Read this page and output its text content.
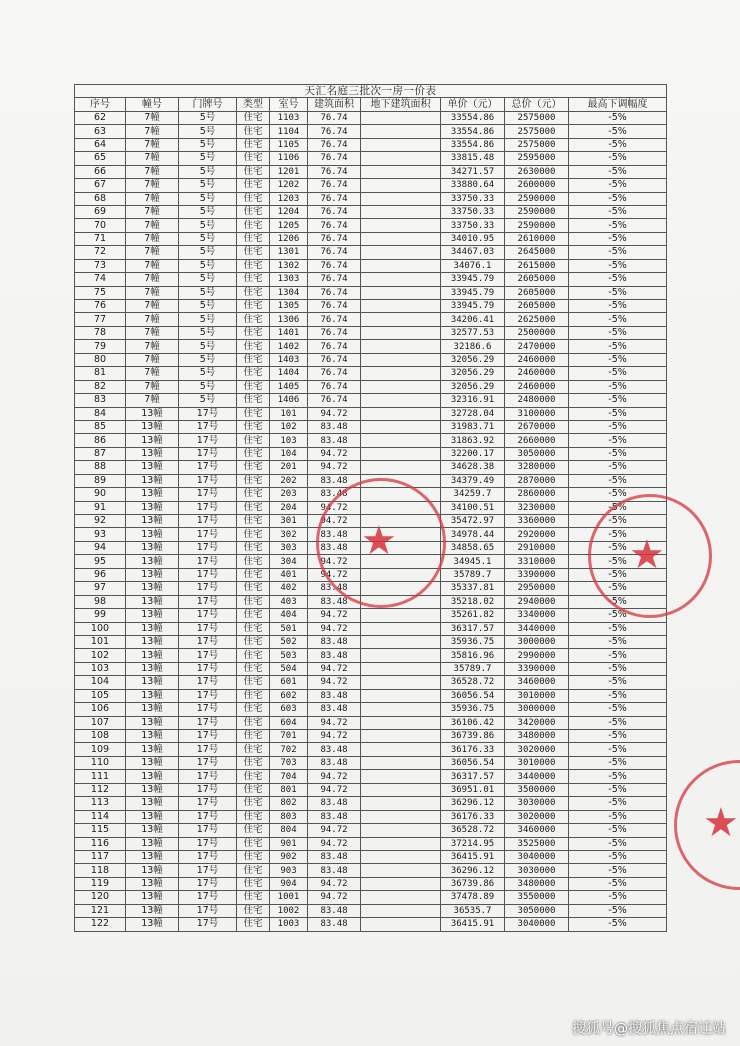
天汇名庭三批次一房一价表									
序号	幢号	门牌号	类型	室号	建筑面积	地下建筑面积	单价（元）	总价（元）	最高下调幅度
62	7幢	5号	住宅	1103	76.74		33554.86	2575000	-5%
63	7幢	5号	住宅	1104	76.74		33554.86	2575000	-5%
64	7幢	5号	住宅	1105	76.74		33554.86	2575000	-5%
65	7幢	5号	住宅	1106	76.74		33815.48	2595000	-5%
66	7幢	5号	住宅	1201	76.74		34271.57	2630000	-5%
67	7幢	5号	住宅	1202	76.74		33880.64	2600000	-5%
68	7幢	5号	住宅	1203	76.74		33750.33	2590000	-5%
69	7幢	5号	住宅	1204	76.74		33750.33	2590000	-5%
70	7幢	5号	住宅	1205	76.74		33750.33	2590000	-5%
71	7幢	5号	住宅	1206	76.74		34010.95	2610000	-5%
72	7幢	5号	住宅	1301	76.74		34467.03	2645000	-5%
73	7幢	5号	住宅	1302	76.74		34076.1	2615000	-5%
74	7幢	5号	住宅	1303	76.74		33945.79	2605000	-5%
75	7幢	5号	住宅	1304	76.74		33945.79	2605000	-5%
76	7幢	5号	住宅	1305	76.74		33945.79	2605000	-5%
77	7幢	5号	住宅	1306	76.74		34206.41	2625000	-5%
78	7幢	5号	住宅	1401	76.74		32577.53	2500000	-5%
79	7幢	5号	住宅	1402	76.74		32186.6	2470000	-5%
80	7幢	5号	住宅	1403	76.74		32056.29	2460000	-5%
81	7幢	5号	住宅	1404	76.74		32056.29	2460000	-5%
82	7幢	5号	住宅	1405	76.74		32056.29	2460000	-5%
83	7幢	5号	住宅	1406	76.74		32316.91	2480000	-5%
84	13幢	17号	住宅	101	94.72		32728.04	3100000	-5%
85	13幢	17号	住宅	102	83.48		31983.71	2670000	-5%
86	13幢	17号	住宅	103	83.48		31863.92	2660000	-5%
87	13幢	17号	住宅	104	94.72		32200.17	3050000	-5%
88	13幢	17号	住宅	201	94.72		34628.38	3280000	-5%
89	13幢	17号	住宅	202	83.48		34379.49	2870000	-5%
90	13幢	17号	住宅	203	83.48		34259.7	2860000	-5%
91	13幢	17号	住宅	204	94.72		34100.51	3230000	-5%
92	13幢	17号	住宅	301	94.72		35472.97	3360000	-5%
93	13幢	17号	住宅	302	83.48		34978.44	2920000	-5%
94	13幢	17号	住宅	303	83.48		34858.65	2910000	-5%
95	13幢	17号	住宅	304	94.72		34945.1	3310000	-5%
96	13幢	17号	住宅	401	94.72		35789.7	3390000	-5%
97	13幢	17号	住宅	402	83.48		35337.81	2950000	-5%
98	13幢	17号	住宅	403	83.48		35218.02	2940000	-5%
99	13幢	17号	住宅	404	94.72		35261.82	3340000	-5%
100	13幢	17号	住宅	501	94.72		36317.57	3440000	-5%
101	13幢	17号	住宅	502	83.48		35936.75	3000000	-5%
102	13幢	17号	住宅	503	83.48		35816.96	2990000	-5%
103	13幢	17号	住宅	504	94.72		35789.7	3390000	-5%
104	13幢	17号	住宅	601	94.72		36528.72	3460000	-5%
105	13幢	17号	住宅	602	83.48		36056.54	3010000	-5%
106	13幢	17号	住宅	603	83.48		35936.75	3000000	-5%
107	13幢	17号	住宅	604	94.72		36106.42	3420000	-5%
108	13幢	17号	住宅	701	94.72		36739.86	3480000	-5%
109	13幢	17号	住宅	702	83.48		36176.33	3020000	-5%
110	13幢	17号	住宅	703	83.48		36056.54	3010000	-5%
111	13幢	17号	住宅	704	94.72		36317.57	3440000	-5%
112	13幢	17号	住宅	801	94.72		36951.01	3500000	-5%
113	13幢	17号	住宅	802	83.48		36296.12	3030000	-5%
114	13幢	17号	住宅	803	83.48		36176.33	3020000	-5%
115	13幢	17号	住宅	804	94.72		36528.72	3460000	-5%
116	13幢	17号	住宅	901	94.72		37214.95	3525000	-5%
117	13幢	17号	住宅	902	83.48		36415.91	3040000	-5%
118	13幢	17号	住宅	903	83.48		36296.12	3030000	-5%
119	13幢	17号	住宅	904	94.72		36739.86	3480000	-5%
120	13幢	17号	住宅	1001	94.72		37478.89	3550000	-5%
121	13幢	17号	住宅	1002	83.48		36535.7	3050000	-5%
122	13幢	17号	住宅	1003	83.48		36415.91	3040000	-5%
★	★
★
搜狐号@搜狐焦点宿迁站
